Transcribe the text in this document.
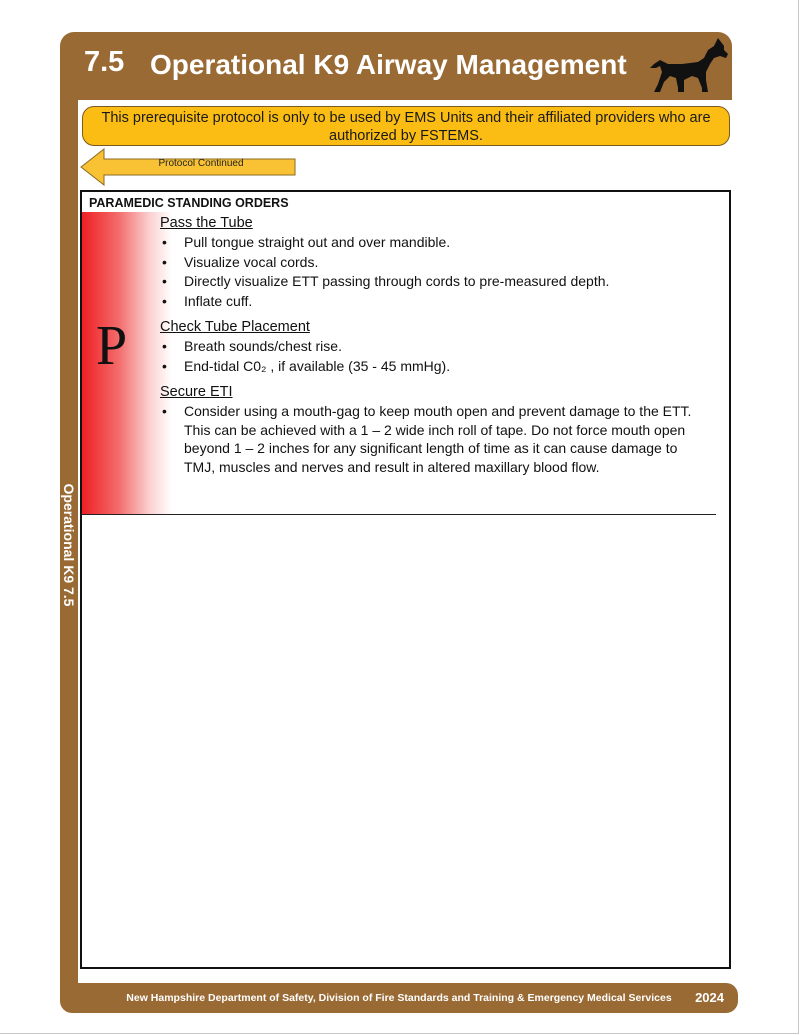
7.5 Operational K9 Airway Management
Operational K9 7.5
This prerequisite protocol is only to be used by EMS Units and their affiliated providers who are authorized by FSTEMS.
Protocol Continued
P
PARAMEDIC STANDING ORDERS
Pass the Tube
• Pull tongue straight out and over mandible.
• Visualize vocal cords.
• Directly visualize ETT passing through cords to pre-measured depth.
• Inflate cuff.
Check Tube Placement
• Breath sounds/chest rise.
• End-tidal C0₂ , if available (35 - 45 mmHg).
Secure ETI
• Consider using a mouth-gag to keep mouth open and prevent damage to the ETT. This can be achieved with a 1 – 2 wide inch roll of tape. Do not force mouth open beyond 1 – 2 inches for any significant length of time as it can cause damage to TMJ, muscles and nerves and result in altered maxillary blood flow.
New Hampshire Department of Safety, Division of Fire Standards and Training & Emergency Medical Services 2024
